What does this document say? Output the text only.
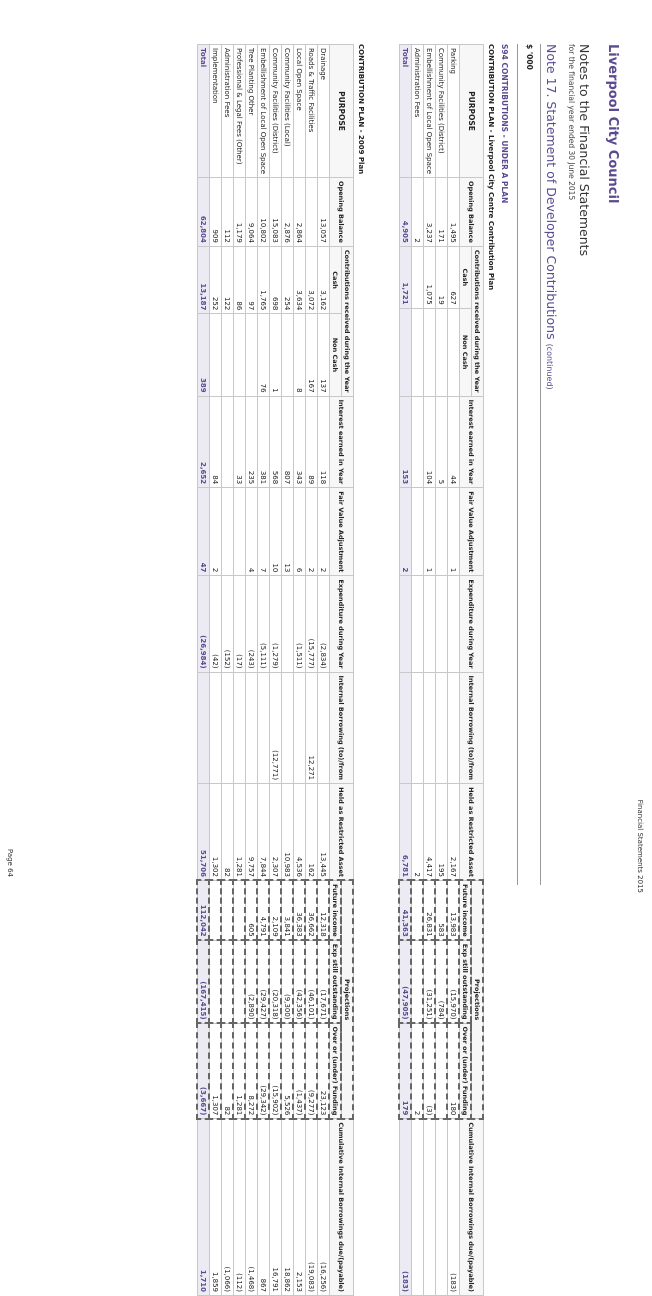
Liverpool City Council
Financial Statements 2015
Notes to the Financial Statements
for the financial year ended 30 June 2015
Note 17. Statement of Developer Contributions (continued)
$ '000
S94 CONTRIBUTIONS - UNDER A PLAN
CONTRIBUTION PLAN - Liverpool City Centre Contribution Plan
PURPOSE	Opening Balance	Contributions received during the Year		Interest earned in Year	Fair Value Adjustment	Expenditure during Year	Internal Borrowing (to)/from	Held as Restricted Asset	Projections			Cumulative Internal Borrowings due/(payable)
		Cash	Non Cash						Future income	Exp still outstanding	Over or (under) Funding	
Parking	1,495	627		44	1			2,167	13,983	(15,970)	180	(183)
Community Facilities (District)	171	19		5				195	583	(784)		
Embellishment of Local Open Space	3,237	1,075		104	1			4,417	26,831	(31,251)	(3)	
Administration Fees	2							2			2	
Total	4,905	1,721		153	2			6,781	41,363	(47,905)	179	(183)
CONTRIBUTION PLAN - 2009 Plan
PURPOSE	Opening Balance	Contributions received during the Year		Interest earned in Year	Fair Value Adjustment	Expenditure during Year	Internal Borrowing (to)/from	Held as Restricted Asset	Projections			Cumulative Internal Borrowings due/(payable)
		Cash	Non Cash						Future income	Exp still outstanding	Over or (under) Funding	
Drainage	13,057	3,162	137	118	2	(2,834)		13,445	12,318	(17,671)	23,123	(16,256)
Roads & Traffic Facilities		3,072	167	89	2	(15,777)	12,271	162	36,662	(46,101)	(9,277)	(19,083)
Local Open Space	2,864	3,634	8	343	6	(1,511)		4,536	36,383	(42,356)	(1,437)	2,153
Community Facilities (Local)	2,876	254		807	13			10,983	3,841	(9,300)	5,526	18,862
Community Facilities (District)	15,083	698	1	568	10	(1,279)	(12,771)	2,307	2,109	(20,318)	(15,902)	16,791
Embellishment of Local Open Space	10,802	1,765	76	381	7	(5,111)		7,844	4,791	(29,427)	(29,342)	867
Tree Planting Other	9,064	97		235	4	(243)		9,757	605	(2,890)	8,272	(1,468)
Professional & Legal Fees (Other)	1,179	86		33		(17)		1,281			1,281	(112)
Administration Fees	112	122				(152)		82			82	(1,066)
Implementation	909	252		84	2	(42)		1,302			1,307	1,859
Total	62,804	13,187	389	2,652	47	(26,984)		51,706	112,042	(167,415)	(3,667)	1,710
Page 64
